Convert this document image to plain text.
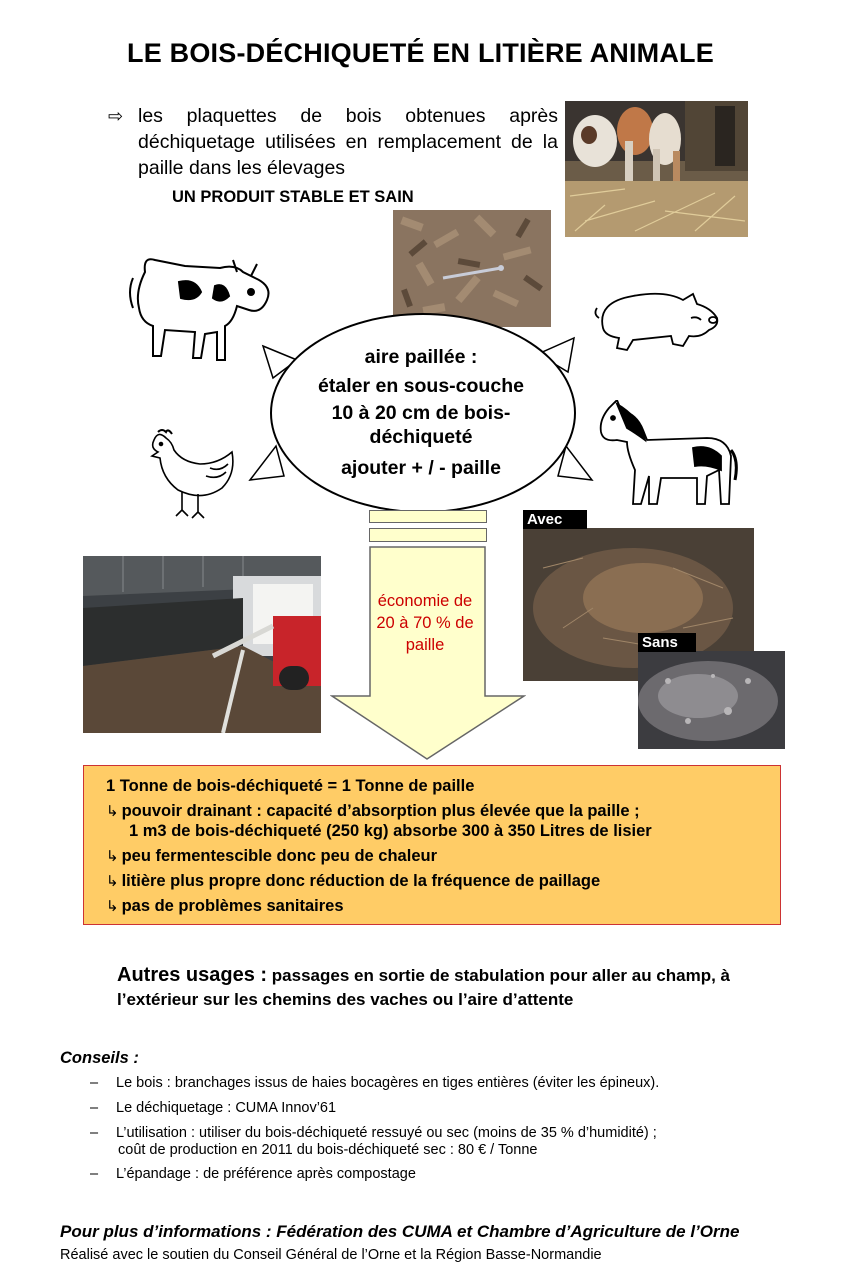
LE BOIS-DÉCHIQUETÉ EN LITIÈRE ANIMALE
⇨ les plaquettes de bois obtenues après déchiquetage utilisées en remplacement de la paille dans les élevages
UN PRODUIT STABLE ET SAIN
aire paillée :
étaler en sous-couche
10 à 20 cm de bois-déchiqueté
ajouter + / - paille
économie de 20 à 70 % de paille
Avec
Sans
1 Tonne de bois-déchiqueté = 1 Tonne de paille
↳ pouvoir drainant : capacité d’absorption plus élevée que la paille ;
1 m3 de bois-déchiqueté (250 kg) absorbe 300 à 350 Litres de lisier
↳ peu fermentescible donc peu de chaleur
↳ litière plus propre donc réduction de la fréquence de paillage
↳ pas de problèmes sanitaires
Autres usages : passages en sortie de stabulation pour aller au champ, à l’extérieur sur les chemins des vaches ou l’aire d’attente
Conseils :
– Le bois : branchages issus de haies bocagères en tiges entières (éviter les épineux).
– Le déchiquetage : CUMA Innov’61
– L’utilisation : utiliser du bois-déchiqueté ressuyé ou sec (moins de 35 % d’humidité) ;
coût de production en 2011 du bois-déchiqueté sec : 80 € / Tonne
– L’épandage : de préférence après compostage
Pour plus d’informations : Fédération des CUMA et Chambre d’Agriculture de l’Orne
Réalisé avec le soutien du Conseil Général de l’Orne et la Région Basse-Normandie
